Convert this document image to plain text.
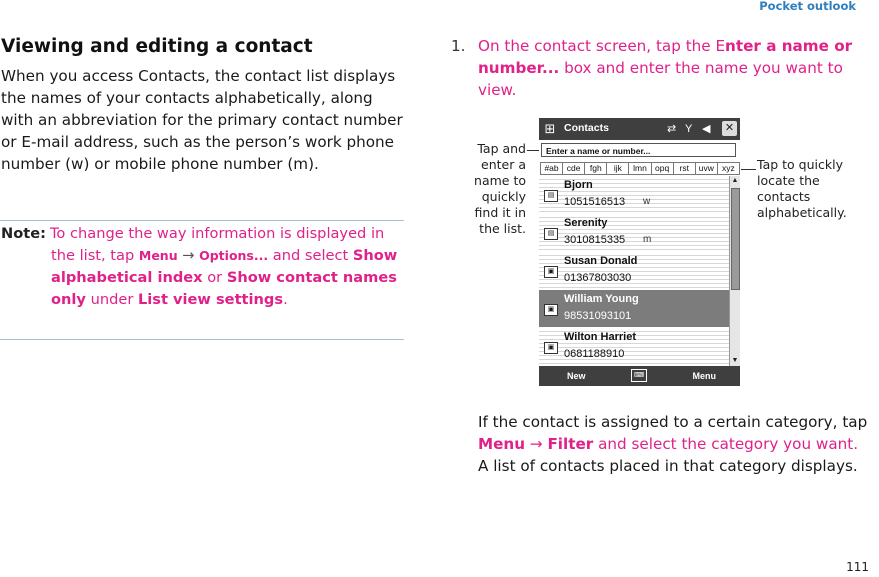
Pocket outlook
Viewing and editing a contact
When you access Contacts, the contact list displays the names of your contacts alphabetically, along with an abbreviation for the primary contact number or E-mail address, such as the person’s work phone number (w) or mobile phone number (m).
Note: To change the way information is displayed in the list, tap Menu → Options... and select Show alphabetical index or Show contact names only under List view settings.
1. On the contact screen, tap the Enter a name or number... box and enter the name you want to view.
Tap and enter a name to quickly find it in the list.
Tap to quickly locate the contacts alphabetically.
⊞ Contacts	⇄ Y ◀ ✕
Enter a name or number...
#ab cde	fgh	ijk	lmn opq	rst	uvw xyz
▤
Bjorn
1051516513 w
▤
Serenity
3010815335 m
▣
Susan Donald
01367803030
▣
William Young
98531093101
▣
Wilton Harriet
0681188910
▲
▼
New	⌨	Menu
If the contact is assigned to a certain category, tap Menu → Filter and select the category you want. A list of contacts placed in that category displays.
111
